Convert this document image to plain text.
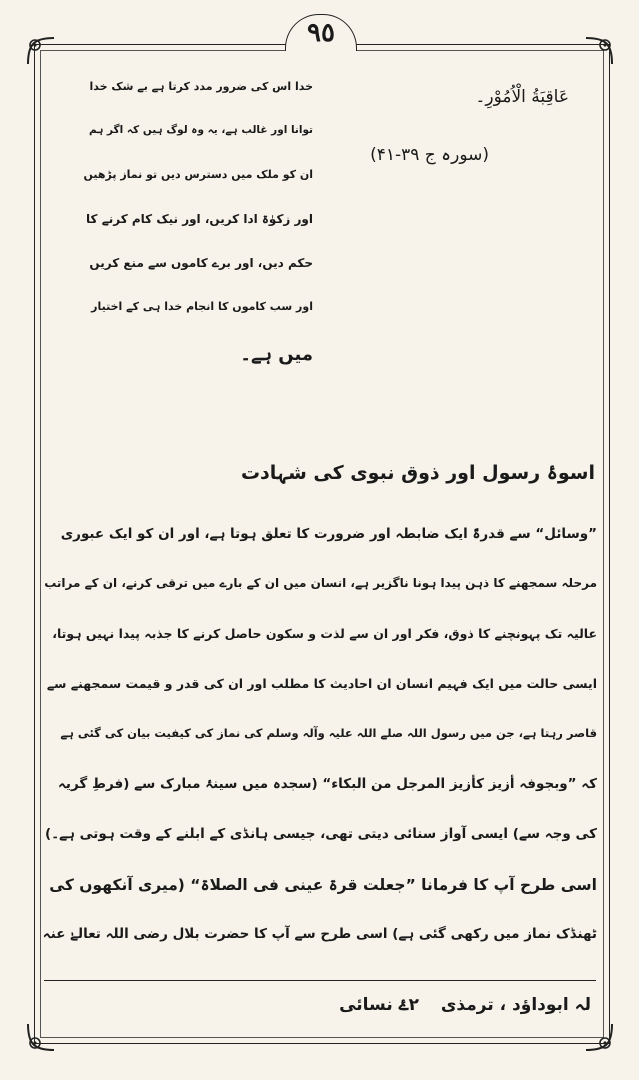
٩٥
عَاقِبَةُ الْاُمُوْرِ۔
(سورہ ج ۳۹-۴۱)
خدا اس کی ضرور مدد کرتا ہے بے شک خدا
توانا اور غالب ہے، یہ وہ لوگ ہیں کہ اگر ہم
ان کو ملک میں دسترس دیں تو نماز پڑھیں
اور زکوٰۃ ادا کریں، اور نیک کام کرنے کا
حکم دیں، اور برے کاموں سے منع کریں
اور سب کاموں کا انجام خدا ہی کے اختیار
میں ہے۔
اسوۂ رسول اور ذوق نبوی کی شہادت
”وسائل“ سے قدرۃً ایک ضابطہ اور ضرورت کا تعلق ہوتا ہے، اور ان کو ایک عبوری
مرحلہ سمجھنے کا ذہن پیدا ہونا ناگزیر ہے، انسان میں ان کے بارے میں ترقی کرنے، ان کے مراتب
عالیہ تک پہونچنے کا ذوق، فکر اور ان سے لذت و سکون حاصل کرنے کا جذبہ پیدا نہیں ہوتا،
ایسی حالت میں ایک فہیم انسان ان احادیث کا مطلب اور ان کی قدر و قیمت سمجھنے سے
قاصر رہتا ہے، جن میں رسول اللہ صلے اللہ علیہ وآلہ وسلم کی نماز کی کیفیت بیان کی گئی ہے
کہ ”وبجوفہ أزیز کأزیز المرجل من البکاء“ (سجدہ میں سینۂ مبارک سے (فرطِ گریہ
کی وجہ سے) ایسی آواز سنائی دیتی تھی، جیسی ہانڈی کے ابلنے کے وقت ہوتی ہے۔)
اسی طرح آپ کا فرمانا ”جعلت قرۃ عینی فی الصلاۃ“ (میری آنکھوں کی
ٹھنڈک نماز میں رکھی گئی ہے) اسی طرح سے آپ کا حضرت بلال رضی اللہ تعالےٰ عنہ
لہ ابوداؤد ، ترمذی
۲ۓ نسائی
